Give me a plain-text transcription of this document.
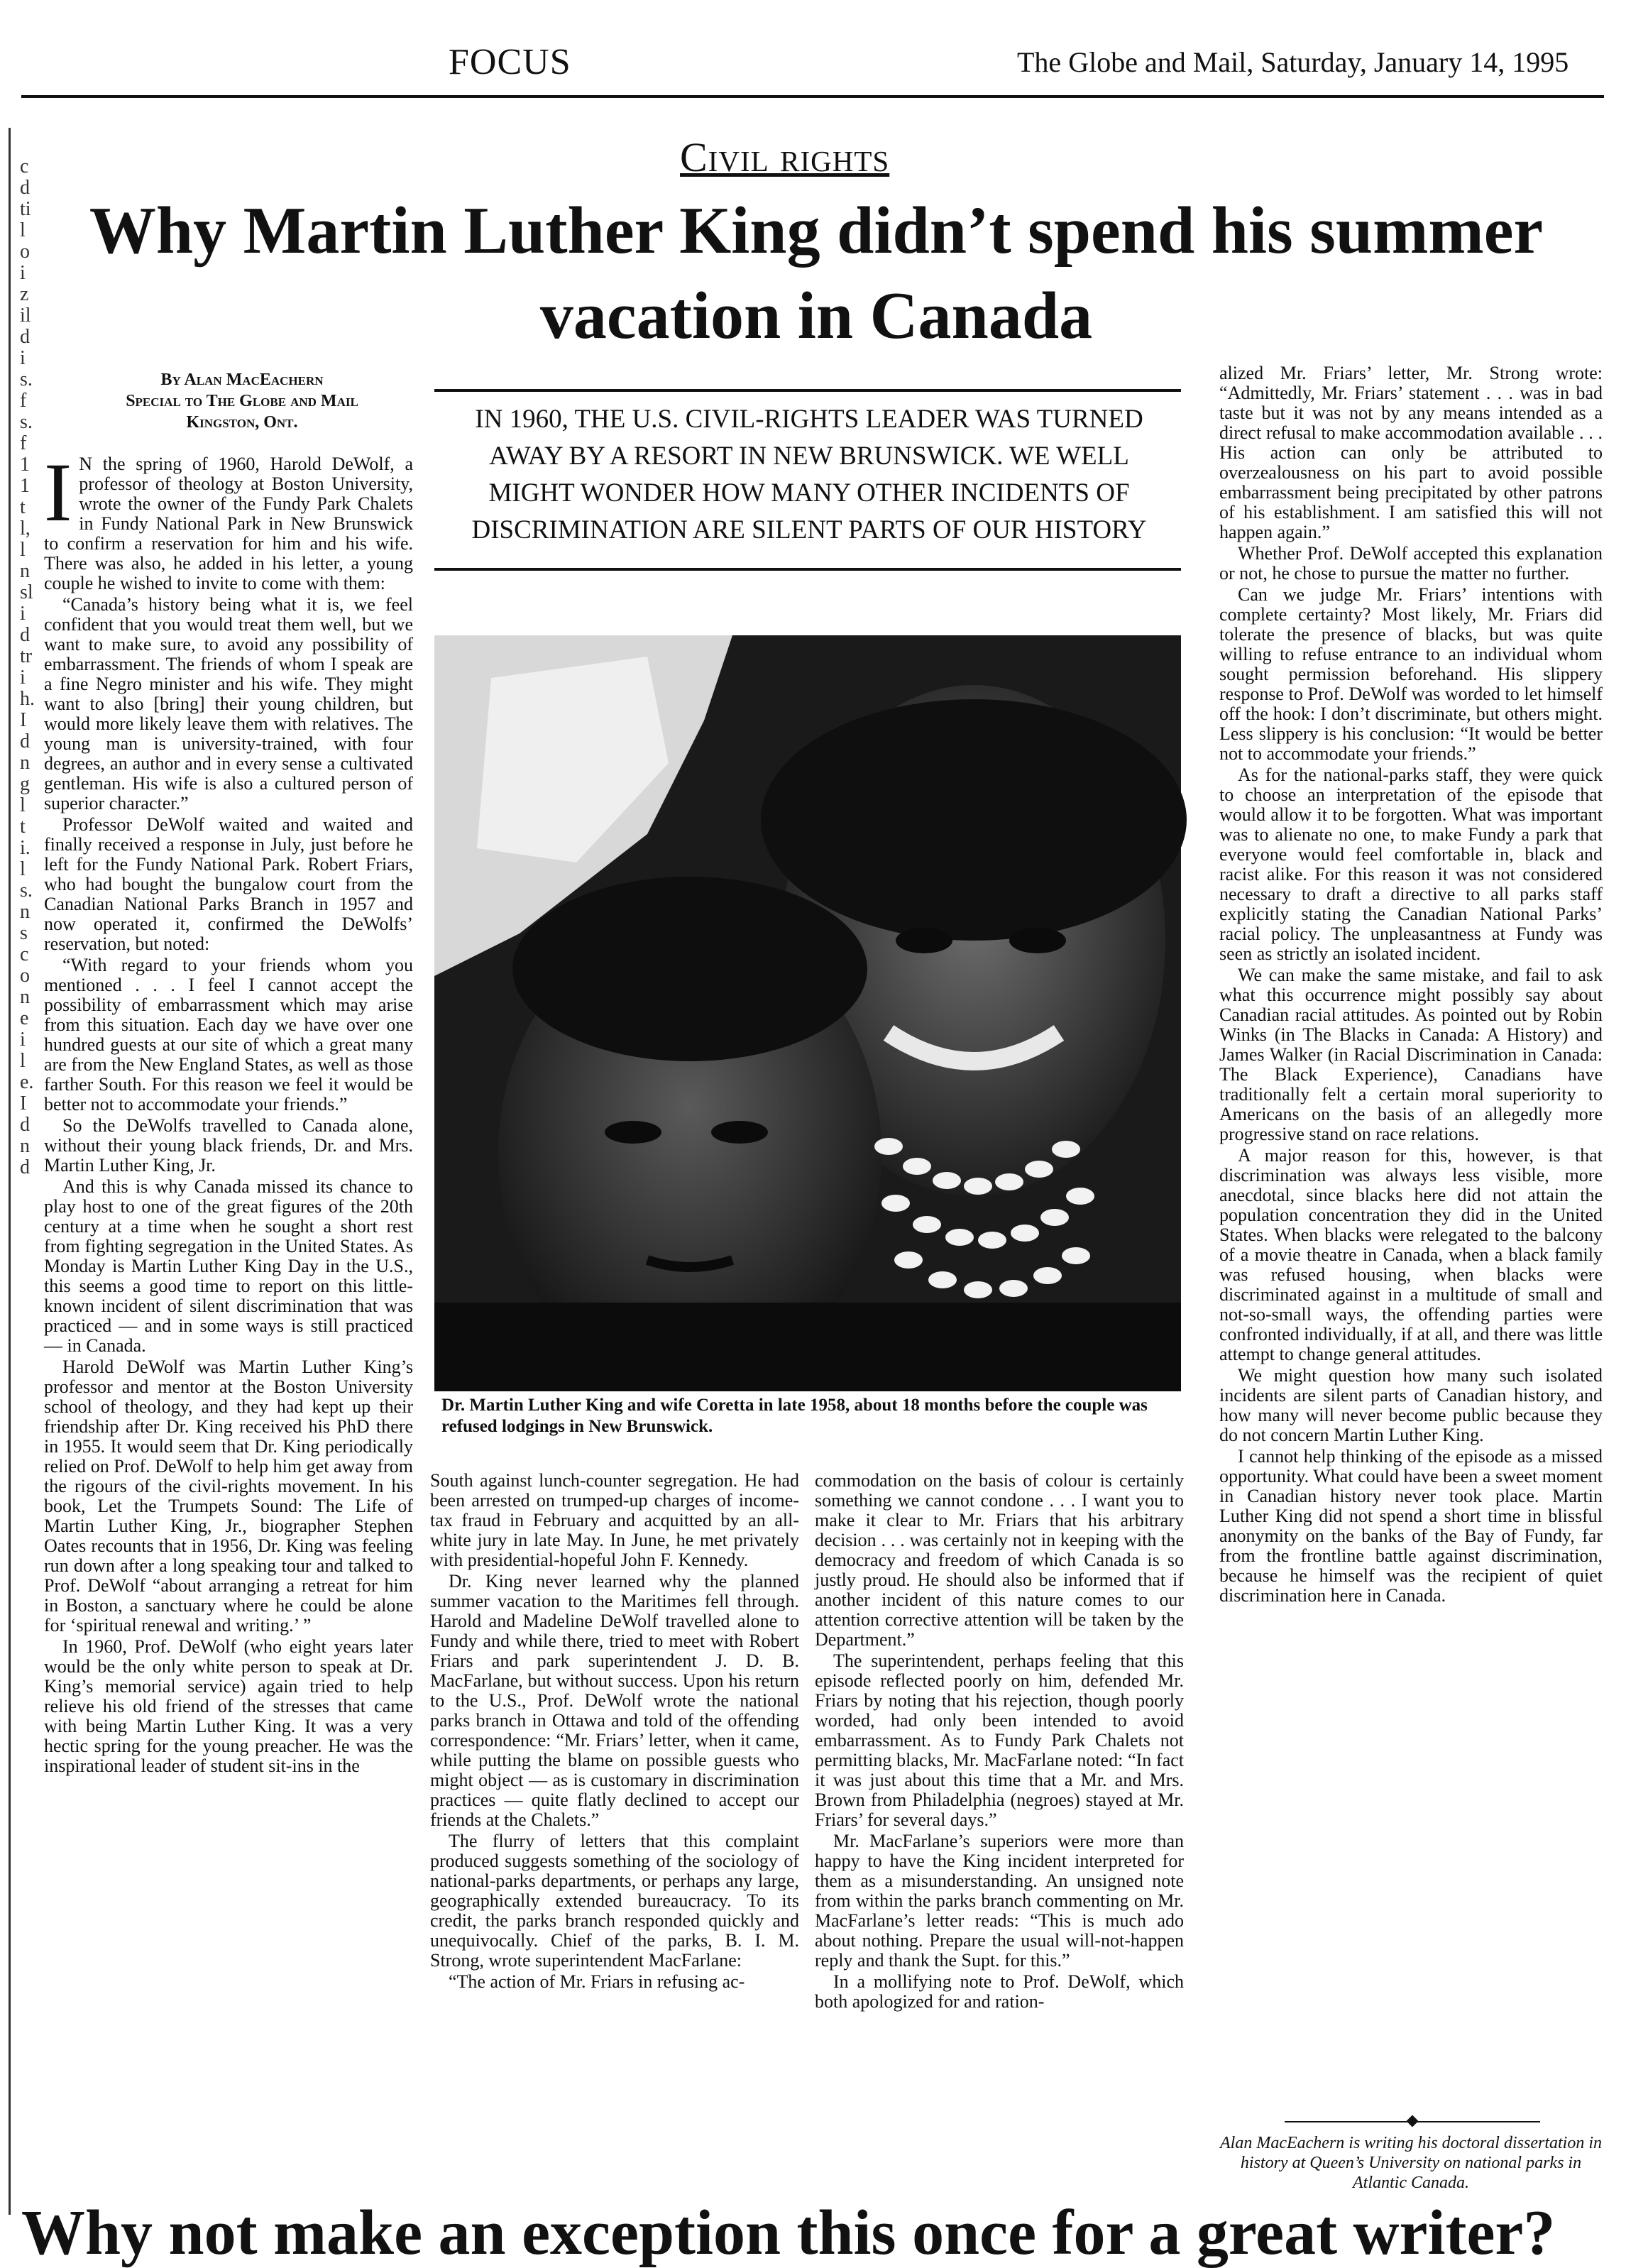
FOCUS	The Globe and Mail, Saturday, January 14, 1995
cdtil oizil dis. f s. f 1 1 t l,l nsl idtrih. Id ngl ti. l s. nsconei le. Id nd
Civil rights
Why Martin Luther King didn’t spend his summer vacation in Canada
By Alan MacEachern
Special to The Globe and Mail
Kingston, Ont.	IN 1960, THE U.S. CIVIL-RIGHTS LEADER WAS TURNED AWAY BY A RESORT IN NEW BRUNSWICK. WE WELL MIGHT WONDER HOW MANY OTHER INCIDENTS OF DISCRIMINATION ARE SILENT PARTS OF OUR HISTORY

I N the spring of 1960, Harold DeWolf, a professor of theology at Boston University, wrote the owner of the Fundy Park Chalets in Fundy National Park in New Brunswick to confirm a reservation for him and his wife. There was also, he added in his letter, a young couple he wished to invite to come with them:

“Canada’s history being what it is, we feel confident that you would treat them well, but we want to make sure, to avoid any possibility of embarrassment. The friends of whom I speak are a fine Negro minister and his wife. They might want to also [bring] their young children, but would more likely leave them with relatives. The young man is university-trained, with four degrees, an author and in every sense a cultivated gentleman. His wife is also a cultured person of superior character.”

Professor DeWolf waited and waited and finally received a response in July, just before he left for the Fundy National Park. Robert Friars, who had bought the bungalow court from the Canadian National Parks Branch in 1957 and now operated it, confirmed the DeWolfs’ reservation, but noted:

“With regard to your friends whom you mentioned . . . I feel I cannot accept the possibility of embarrassment which may arise from this situation. Each day we have over one hundred guests at our site of which a great many are from the New England States, as well as those farther South. For this reason we feel it would be better not to accommodate your friends.”

So the DeWolfs travelled to Canada alone, without their young black friends, Dr. and Mrs. Martin Luther King, Jr.

And this is why Canada missed its chance to play host to one of the great figures of the 20th century at a time when he sought a short rest from fighting segregation in the United States. As Monday is Martin Luther King Day in the U.S., this seems a good time to report on this little-known incident of silent discrimination that was practiced — and in some ways is still practiced — in Canada.

Harold DeWolf was Martin Luther King’s professor and mentor at the Boston University school of theology, and they had kept up their friendship after Dr. King received his PhD there in 1955. It would seem that Dr. King periodically relied on Prof. DeWolf to help him get away from the rigours of the civil-rights movement. In his book, Let the Trumpets Sound: The Life of Martin Luther King, Jr., biographer Stephen Oates recounts that in 1956, Dr. King was feeling run down after a long speaking tour and talked to Prof. DeWolf “about arranging a retreat for him in Boston, a sanctuary where he could be alone for ‘spiritual renewal and writing.’ ”

In 1960, Prof. DeWolf (who eight years later would be the only white person to speak at Dr. King’s memorial service) again tried to help relieve his old friend of the stresses that came with being Martin Luther King. It was a very hectic spring for the young preacher. He was the inspirational leader of student sit-ins in the

Dr. Martin Luther King and wife Coretta in late 1958, about 18 months before the couple was refused lodgings in New Brunswick.

South against lunch-counter segregation. He had been arrested on trumped-up charges of income-tax fraud in February and acquitted by an all-white jury in late May. In June, he met privately with presidential-hopeful John F. Kennedy.

Dr. King never learned why the planned summer vacation to the Maritimes fell through. Harold and Madeline DeWolf travelled alone to Fundy and while there, tried to meet with Robert Friars and park superintendent J. D. B. MacFarlane, but without success. Upon his return to the U.S., Prof. DeWolf wrote the national parks branch in Ottawa and told of the offending correspondence: “Mr. Friars’ letter, when it came, while putting the blame on possible guests who might object — as is customary in discrimination practices — quite flatly declined to accept our friends at the Chalets.”

The flurry of letters that this complaint produced suggests something of the sociology of national-parks departments, or perhaps any large, geographically extended bureaucracy. To its credit, the parks branch responded quickly and unequivocally. Chief of the parks, B. I. M. Strong, wrote superintendent MacFarlane:

“The action of Mr. Friars in refusing ac-

commodation on the basis of colour is certainly something we cannot condone . . . I want you to make it clear to Mr. Friars that his arbitrary decision . . . was certainly not in keeping with the democracy and freedom of which Canada is so justly proud. He should also be informed that if another incident of this nature comes to our attention corrective attention will be taken by the Department.”

The superintendent, perhaps feeling that this episode reflected poorly on him, defended Mr. Friars by noting that his rejection, though poorly worded, had only been intended to avoid embarrassment. As to Fundy Park Chalets not permitting blacks, Mr. MacFarlane noted: “In fact it was just about this time that a Mr. and Mrs. Brown from Philadelphia (negroes) stayed at Mr. Friars’ for several days.”

Mr. MacFarlane’s superiors were more than happy to have the King incident interpreted for them as a misunderstanding. An unsigned note from within the parks branch commenting on Mr. MacFarlane’s letter reads: “This is much ado about nothing. Prepare the usual will-not-happen reply and thank the Supt. for this.”

In a mollifying note to Prof. DeWolf, which both apologized for and ration-

alized Mr. Friars’ letter, Mr. Strong wrote: “Admittedly, Mr. Friars’ statement . . . was in bad taste but it was not by any means intended as a direct refusal to make accommodation available . . . His action can only be attributed to overzealousness on his part to avoid possible embarrassment being precipitated by other patrons of his establishment. I am satisfied this will not happen again.”

Whether Prof. DeWolf accepted this explanation or not, he chose to pursue the matter no further.

Can we judge Mr. Friars’ intentions with complete certainty? Most likely, Mr. Friars did tolerate the presence of blacks, but was quite willing to refuse entrance to an individual whom sought permission beforehand. His slippery response to Prof. DeWolf was worded to let himself off the hook: I don’t discriminate, but others might. Less slippery is his conclusion: “It would be better not to accommodate your friends.”

As for the national-parks staff, they were quick to choose an interpretation of the episode that would allow it to be forgotten. What was important was to alienate no one, to make Fundy a park that everyone would feel comfortable in, black and racist alike. For this reason it was not considered necessary to draft a directive to all parks staff explicitly stating the Canadian National Parks’ racial policy. The unpleasantness at Fundy was seen as strictly an isolated incident.

We can make the same mistake, and fail to ask what this occurrence might possibly say about Canadian racial attitudes. As pointed out by Robin Winks (in The Blacks in Canada: A History) and James Walker (in Racial Discrimination in Canada: The Black Experience), Canadians have traditionally felt a certain moral superiority to Americans on the basis of an allegedly more progressive stand on race relations.

A major reason for this, however, is that discrimination was always less visible, more anecdotal, since blacks here did not attain the population concentration they did in the United States. When blacks were relegated to the balcony of a movie theatre in Canada, when a black family was refused housing, when blacks were discriminated against in a multitude of small and not-so-small ways, the offending parties were confronted individually, if at all, and there was little attempt to change general attitudes.

We might question how many such isolated incidents are silent parts of Canadian history, and how many will never become public because they do not concern Martin Luther King.

I cannot help thinking of the episode as a missed opportunity. What could have been a sweet moment in Canadian history never took place. Martin Luther King did not spend a short time in blissful anonymity on the banks of the Bay of Fundy, far from the frontline battle against discrimination, because he himself was the recipient of quiet discrimination here in Canada.

Alan MacEachern is writing his doctoral dissertation in history at Queen’s University on national parks in Atlantic Canada.
Why not make an exception this once for a great writer?
